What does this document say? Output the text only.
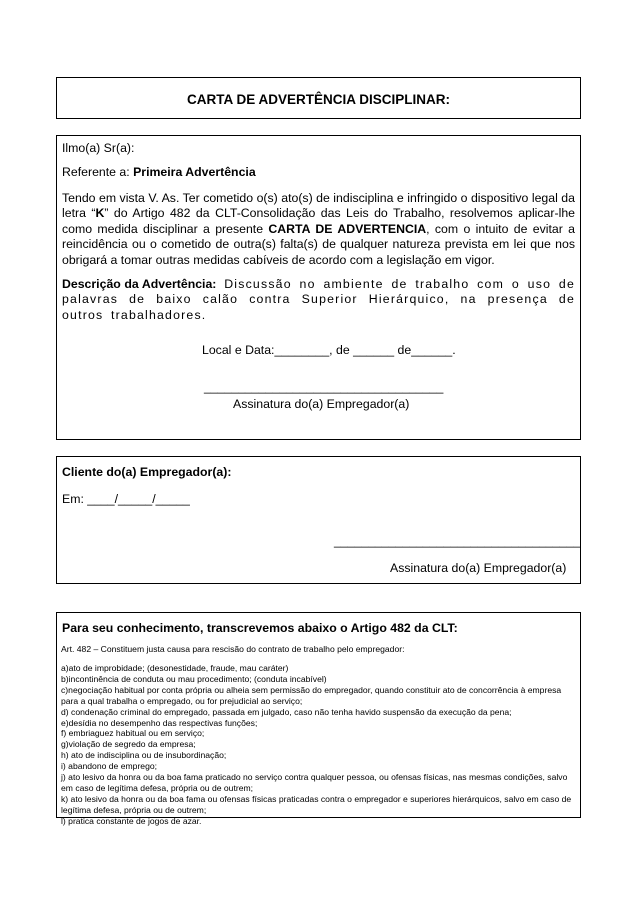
CARTA DE ADVERTÊNCIA DISCIPLINAR:
Ilmo(a) Sr(a):
Referente a: Primeira Advertência
Tendo em vista V. As. Ter cometido o(s) ato(s) de indisciplina e infringido o dispositivo legal da letra “K” do Artigo 482 da CLT-Consolidação das Leis do Trabalho, resolvemos aplicar-lhe como medida disciplinar a presente CARTA DE ADVERTENCIA, com o intuito de evitar a reincidência ou o cometido de outra(s) falta(s) de qualquer natureza prevista em lei que nos obrigará a tomar outras medidas cabíveis de acordo com a legislação em vigor.
Descrição da Advertência: Discussão no ambiente de trabalho com o uso de palavras de baixo calão contra Superior Hierárquico, na presença de outros trabalhadores.
Local e Data:________, de ______ de______.
___________________________________
Assinatura do(a) Empregador(a)
Cliente do(a) Empregador(a):
Em: ____/_____/_____
____________________________________
Assinatura do(a) Empregador(a)
Para seu conhecimento, transcrevemos abaixo o Artigo 482 da CLT:
Art. 482 – Constituem justa causa para rescisão do contrato de trabalho pelo empregador:
a)ato de improbidade; (desonestidade, fraude, mau caráter)
b)incontinência de conduta ou mau procedimento; (conduta incabível)
c)negociação habitual por conta própria ou alheia sem permissão do empregador, quando constituir ato de concorrência à empresa para a qual trabalha o empregado, ou for prejudicial ao serviço;
d) condenação criminal do empregado, passada em julgado, caso não tenha havido suspensão da execução da pena;
e)desídia no desempenho das respectivas funções;
f) embriaguez habitual ou em serviço;
g)violação de segredo da empresa;
h) ato de indisciplina ou de insubordinação;
i) abandono de emprego;
j) ato lesivo da honra ou da boa fama praticado no serviço contra qualquer pessoa, ou ofensas físicas, nas mesmas condições, salvo em caso de legítima defesa, própria ou de outrem;
k) ato lesivo da honra ou da boa fama ou ofensas físicas praticadas contra o empregador e superiores hierárquicos, salvo em caso de legítima defesa, própria ou de outrem;
l) pratica constante de jogos de azar.
